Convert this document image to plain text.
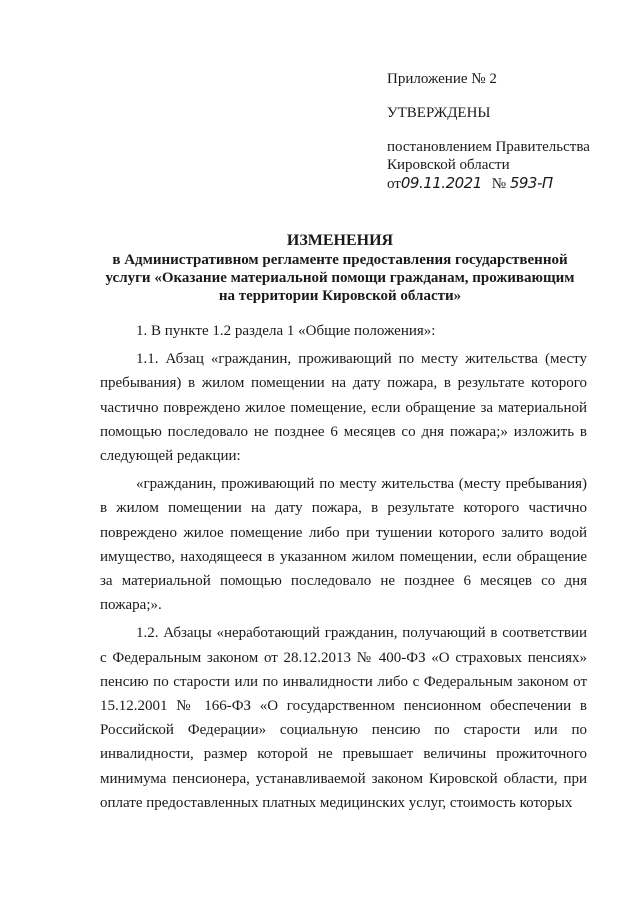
Приложение № 2
УТВЕРЖДЕНЫ
постановлением Правительства
Кировской области
от09.11.2021 № 593-П
ИЗМЕНЕНИЯ
в Административном регламенте предоставления государственной
услуги «Оказание материальной помощи гражданам, проживающим
на территории Кировской области»

1. В пункте 1.2 раздела 1 «Общие положения»:

1.1. Абзац «гражданин, проживающий по месту жительства (месту пребывания) в жилом помещении на дату пожара, в результате которого частично повреждено жилое помещение, если обращение за материальной помощью последовало не позднее 6 месяцев со дня пожара;» изложить в следующей редакции:

«гражданин, проживающий по месту жительства (месту пребывания) в жилом помещении на дату пожара, в результате которого частично повреждено жилое помещение либо при тушении которого залито водой имущество, находящееся в указанном жилом помещении, если обращение за материальной помощью последовало не позднее 6 месяцев со дня пожара;».

1.2. Абзацы «неработающий гражданин, получающий в соответствии с Федеральным законом от 28.12.2013 № 400-ФЗ «О страховых пенсиях» пенсию по старости или по инвалидности либо с Федеральным законом от 15.12.2001 № 166-ФЗ «О государственном пенсионном обеспечении в Российской Федерации» социальную пенсию по старости или по инвалидности, размер которой не превышает величины прожиточного минимума пенсионера, устанавливаемой законом Кировской области, при оплате предоставленных платных медицинских услуг, стоимость которых
